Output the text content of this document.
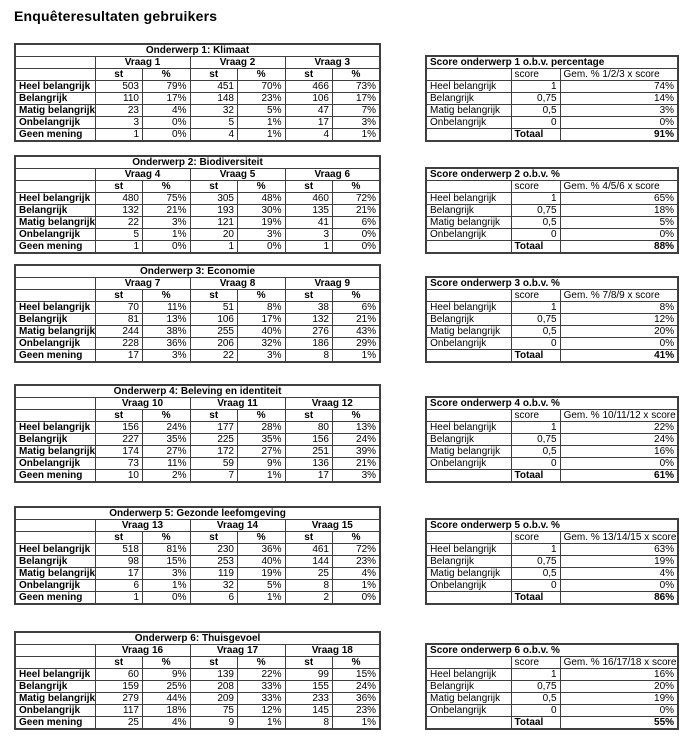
Enquêteresultaten gebruikers
Onderwerp 1: Klimaat						
	Vraag 1		Vraag 2		Vraag 3	
	st	%	st	%	st	%
Heel belangrijk	503	79%	451	70%	466	73%
Belangrijk	110	17%	148	23%	106	17%
Matig belangrijk	23	4%	32	5%	47	7%
Onbelangrijk	3	0%	5	1%	17	3%
Geen mening	1	0%	4	1%	4	1%
Score onderwerp 1 o.b.v. percentage		
	score	Gem. % 1/2/3 x score
Heel belangrijk	1	74%
Belangrijk	0,75	14%
Matig belangrijk	0,5	3%
Onbelangrijk	0	0%
	Totaal	91%
Onderwerp 2: Biodiversiteit						
	Vraag 4		Vraag 5		Vraag 6	
	st	%	st	%	st	%
Heel belangrijk	480	75%	305	48%	460	72%
Belangrijk	132	21%	193	30%	135	21%
Matig belangrijk	22	3%	121	19%	41	6%
Onbelangrijk	5	1%	20	3%	3	0%
Geen mening	1	0%	1	0%	1	0%
Score onderwerp 2 o.b.v. %		
	score	Gem. % 4/5/6 x score
Heel belangrijk	1	65%
Belangrijk	0,75	18%
Matig belangrijk	0,5	5%
Onbelangrijk	0	0%
	Totaal	88%
Onderwerp 3: Economie						
	Vraag 7		Vraag 8		Vraag 9	
	st	%	st	%	st	%
Heel belangrijk	70	11%	51	8%	38	6%
Belangrijk	81	13%	106	17%	132	21%
Matig belangrijk	244	38%	255	40%	276	43%
Onbelangrijk	228	36%	206	32%	186	29%
Geen mening	17	3%	22	3%	8	1%
Score onderwerp 3 o.b.v. %		
	score	Gem. % 7/8/9 x score
Heel belangrijk	1	8%
Belangrijk	0,75	12%
Matig belangrijk	0,5	20%
Onbelangrijk	0	0%
	Totaal	41%
Onderwerp 4: Beleving en identiteit						
	Vraag 10		Vraag 11		Vraag 12	
	st	%	st	%	st	%
Heel belangrijk	156	24%	177	28%	80	13%
Belangrijk	227	35%	225	35%	156	24%
Matig belangrijk	174	27%	172	27%	251	39%
Onbelangrijk	73	11%	59	9%	136	21%
Geen mening	10	2%	7	1%	17	3%
Score onderwerp 4 o.b.v. %		
	score	Gem. % 10/11/12 x score
Heel belangrijk	1	22%
Belangrijk	0,75	24%
Matig belangrijk	0,5	16%
Onbelangrijk	0	0%
	Totaal	61%
Onderwerp 5: Gezonde leefomgeving						
	Vraag 13		Vraag 14		Vraag 15	
	st	%	st	%	st	%
Heel belangrijk	518	81%	230	36%	461	72%
Belangrijk	98	15%	253	40%	144	23%
Matig belangrijk	17	3%	119	19%	25	4%
Onbelangrijk	6	1%	32	5%	8	1%
Geen mening	1	0%	6	1%	2	0%
Score onderwerp 5 o.b.v. %		
	score	Gem. % 13/14/15 x score
Heel belangrijk	1	63%
Belangrijk	0,75	19%
Matig belangrijk	0,5	4%
Onbelangrijk	0	0%
	Totaal	86%
Onderwerp 6: Thuisgevoel						
	Vraag 16		Vraag 17		Vraag 18	
	st	%	st	%	st	%
Heel belangrijk	60	9%	139	22%	99	15%
Belangrijk	159	25%	208	33%	155	24%
Matig belangrijk	279	44%	209	33%	233	36%
Onbelangrijk	117	18%	75	12%	145	23%
Geen mening	25	4%	9	1%	8	1%
Score onderwerp 6 o.b.v. %		
	score	Gem. % 16/17/18 x score
Heel belangrijk	1	16%
Belangrijk	0,75	20%
Matig belangrijk	0,5	19%
Onbelangrijk	0	0%
	Totaal	55%
